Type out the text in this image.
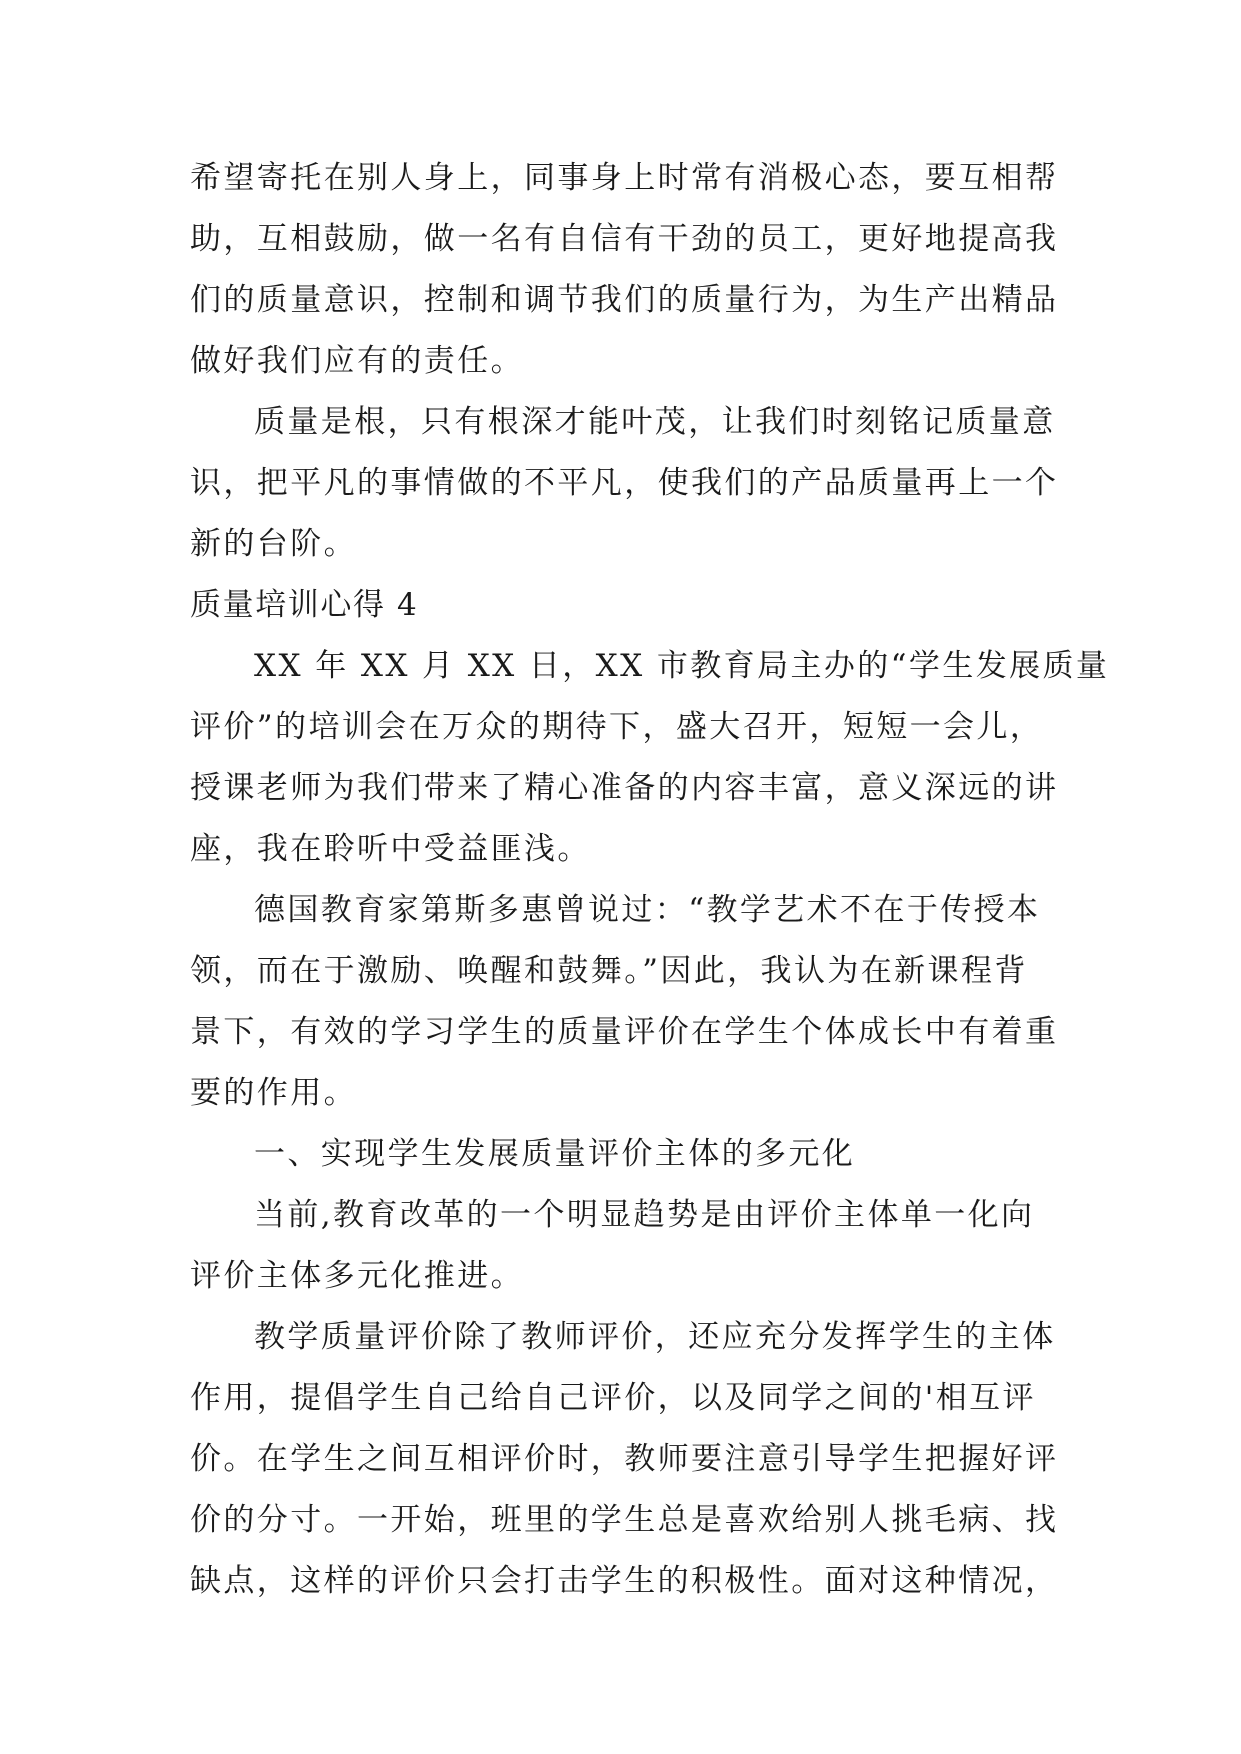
希望寄托在别人身上，同事身上时常有消极心态，要互相帮
助，互相鼓励，做一名有自信有干劲的员工，更好地提高我
们的质量意识，控制和调节我们的质量行为，为生产出精品
做好我们应有的责任。
质量是根，只有根深才能叶茂，让我们时刻铭记质量意
识，把平凡的事情做的不平凡，使我们的产品质量再上一个
新的台阶。
质量培训心得 4
XX 年 XX 月 XX 日，XX 市教育局主办的“学生发展质量
评价”的培训会在万众的期待下，盛大召开，短短一会儿，
授课老师为我们带来了精心准备的内容丰富，意义深远的讲
座，我在聆听中受益匪浅。
德国教育家第斯多惠曾说过：“教学艺术不在于传授本
领，而在于激励、唤醒和鼓舞。”因此，我认为在新课程背
景下，有效的学习学生的质量评价在学生个体成长中有着重
要的作用。
一、实现学生发展质量评价主体的多元化
当前,教育改革的一个明显趋势是由评价主体单一化向
评价主体多元化推进。
教学质量评价除了教师评价，还应充分发挥学生的主体
作用，提倡学生自己给自己评价，以及同学之间的'相互评
价。在学生之间互相评价时，教师要注意引导学生把握好评
价的分寸。一开始，班里的学生总是喜欢给别人挑毛病、找
缺点，这样的评价只会打击学生的积极性。面对这种情况，
